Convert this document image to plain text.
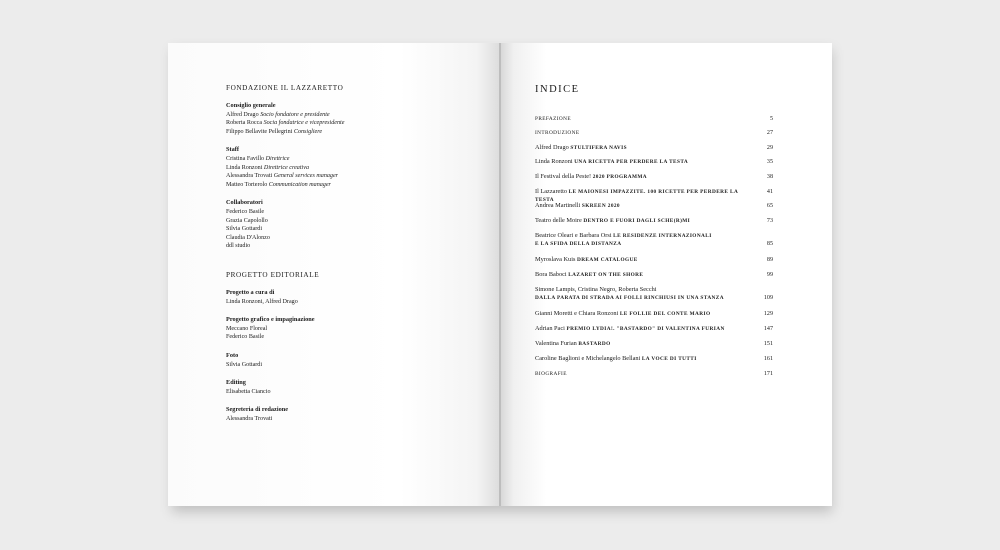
FONDAZIONE IL LAZZARETTO

Consiglio generale
Alfred Drago Socio fondatore e presidente
Roberta Rocca Socia fondatrice e vicepresidente
Filippo Bellavite Pellegrini Consigliere
Staff
Cristina Favillo Direttrice
Linda Ronzoni Direttrice creativa
Alessandra Trovati General services manager
Matteo Torterolo Communication manager
Collaboratori
Federico Basile
Grazia Capolollo
Silvia Gottardi
Claudia D'Alonzo
ddl studio

PROGETTO EDITORIALE

Progetto a cura di
Linda Ronzoni, Alfred Drago
Progetto grafico e impaginazione
Meccano Floreal
Federico Basile
Foto
Silvia Gottardi
Editing
Elisabetta Ciancio
Segreteria di redazione
Alessandra Trovati

INDICE

PREFAZIONE	5
INTRODUZIONE	27
Alfred Drago STULTIFERA NAVIS	29
Linda Ronzoni UNA RICETTA PER PERDERE LA TESTA	35
Il Festival della Peste! 2020 PROGRAMMA	38
Il Lazzaretto LE MAIONESI IMPAZZITE. 100 RICETTE PER PERDERE LA TESTA
41
Andrea Martinelli SKREEN 2020	65
Teatro delle Moire DENTRO E FUORI DAGLI SCHE(R)MI	73
Beatrice Oleari e Barbara Orsi LE RESIDENZE INTERNAZIONALI
E LA SFIDA DELLA DISTANZA	85
Myroslava Kuis DREAM CATALOGUE	89
Bora Baboci LAZARET ON THE SHORE	99
Simone Lampis, Cristina Negro, Roberta Secchi
DALLA PARATA DI STRADA AI FOLLI RINCHIUSI IN UNA STANZA	109
Gianni Moretti e Chiara Ronzoni LE FOLLIE DEL CONTE MARIO	129
Adrian Paci PREMIO LYDIA!. "BASTARDO" DI VALENTINA FURIAN	147
Valentina Furian BASTARDO	151
Caroline Baglioni e Michelangelo Bellani LA VOCE DI TUTTI	161
BIOGRAFIE	171
